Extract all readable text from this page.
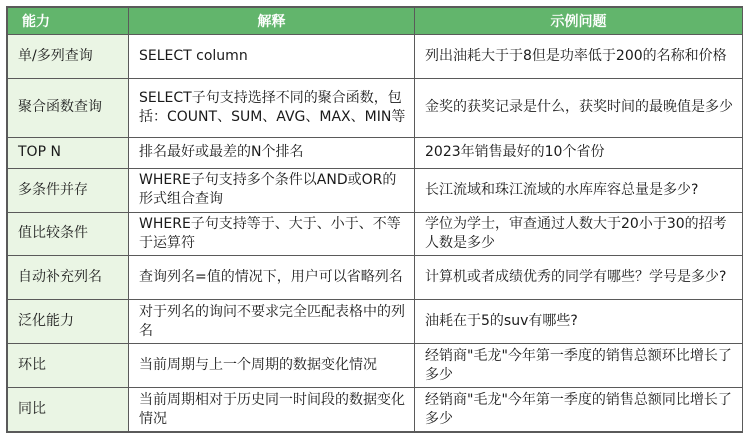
能力	解释	示例问题
单/多列查询	SELECT column	列出油耗大于于8但是功率低于200的名称和价格
聚合函数查询	SELECT子句支持选择不同的聚合函数，包括：COUNT、SUM、AVG、MAX、MIN等	金奖的获奖记录是什么，获奖时间的最晚值是多少
TOP N	排名最好或最差的N个排名	2023年销售最好的10个省份
多条件并存	WHERE子句支持多个条件以AND或OR的形式组合查询	长江流域和珠江流域的水库库容总量是多少?
值比较条件	WHERE子句支持等于、大于、小于、不等于运算符	学位为学士，审查通过人数大于20小于30的招考人数是多少
自动补充列名	查询列名=值的情况下，用户可以省略列名	计算机或者成绩优秀的同学有哪些？学号是多少?
泛化能力	对于列名的询问不要求完全匹配表格中的列名	油耗在于5的suv有哪些?
环比	当前周期与上一个周期的数据变化情况	经销商"毛龙"今年第一季度的销售总额环比增长了多少
同比	当前周期相对于历史同一时间段的数据变化情况	经销商"毛龙"今年第一季度的销售总额同比增长了多少
